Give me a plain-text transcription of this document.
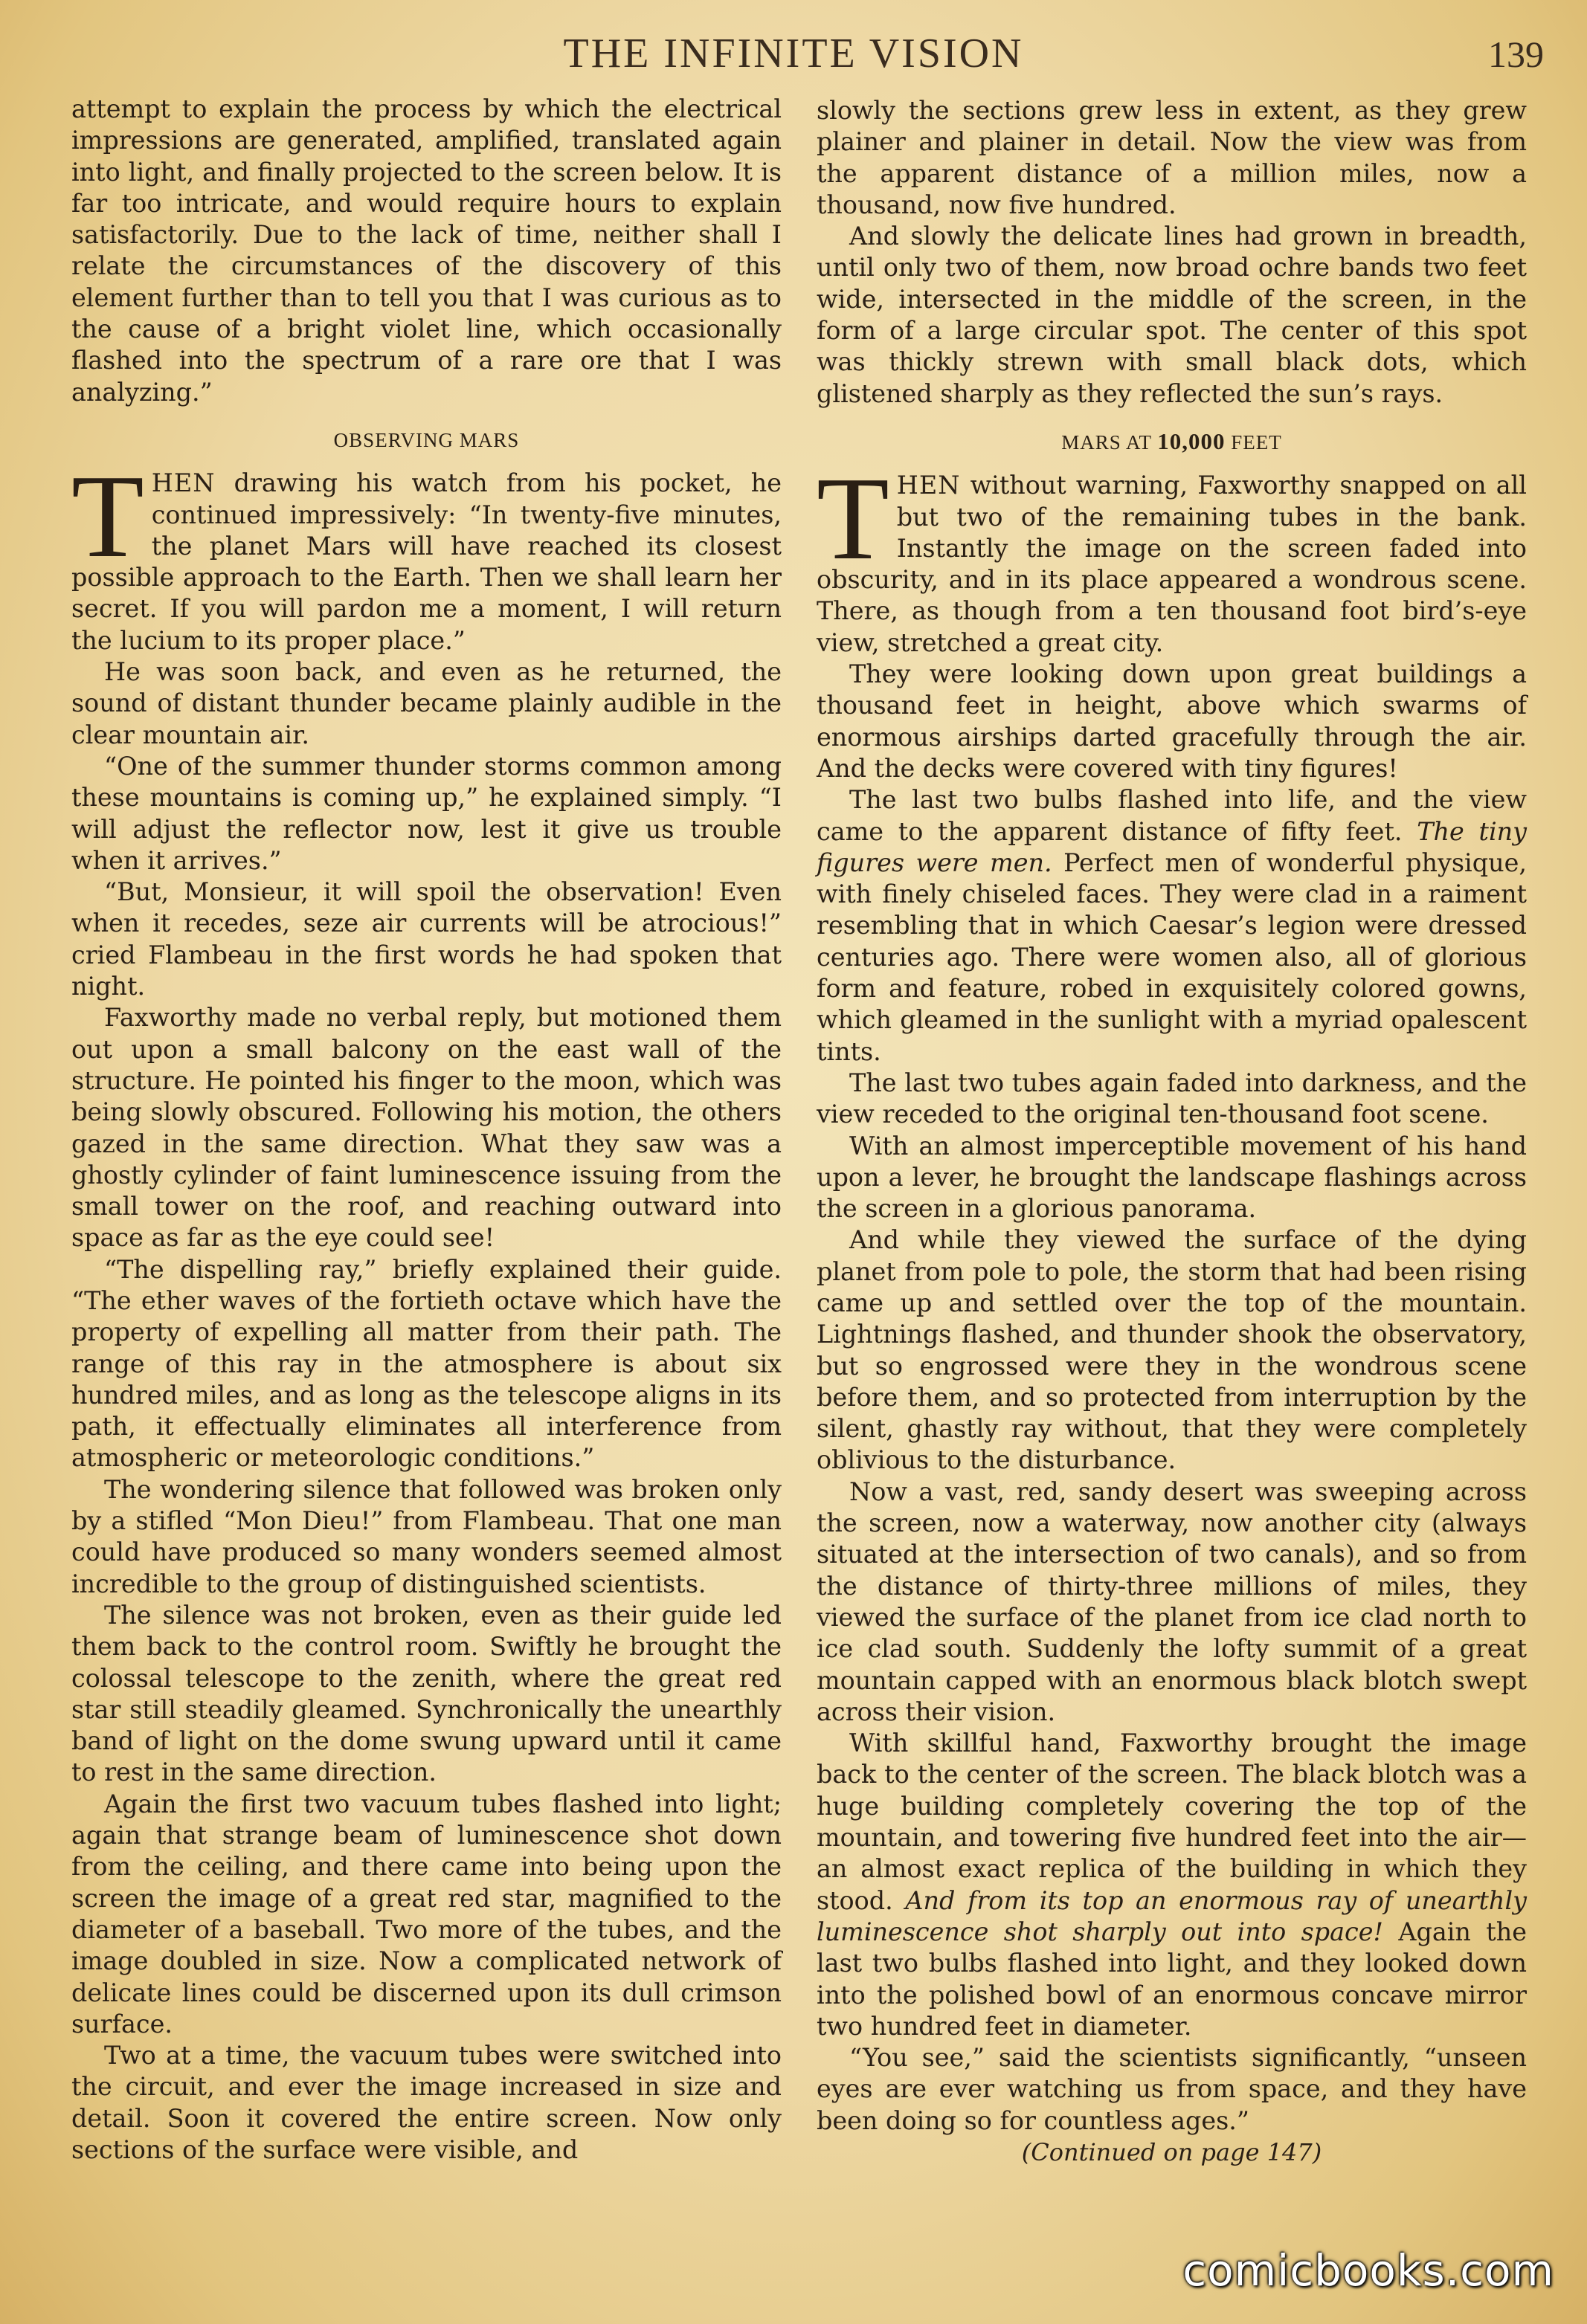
THE INFINITE VISION	139

attempt to explain the process by which the electrical impressions are generated, amplified, translated again into light, and finally projected to the screen below. It is far too intricate, and would require hours to explain satisfactorily. Due to the lack of time, neither shall I relate the circumstances of the discovery of this element further than to tell you that I was curious as to the cause of a bright violet line, which occasionally flashed into the spectrum of a rare ore that I was analyzing.”

OBSERVING MARS

THEN drawing his watch from his pocket, he continued impressively: “In twenty-five minutes, the planet Mars will have reached its closest possible approach to the Earth. Then we shall learn her secret. If you will pardon me a moment, I will return the lucium to its proper place.”

He was soon back, and even as he returned, the sound of distant thunder became plainly audible in the clear mountain air.

“One of the summer thunder storms common among these mountains is coming up,” he explained simply. “I will adjust the reflector now, lest it give us trouble when it arrives.”

“But, Monsieur, it will spoil the observation! Even when it recedes, seze air currents will be atrocious!” cried Flambeau in the first words he had spoken that night.

Faxworthy made no verbal reply, but motioned them out upon a small balcony on the east wall of the structure. He pointed his finger to the moon, which was being slowly obscured. Following his motion, the others gazed in the same direction. What they saw was a ghostly cylinder of faint luminescence issuing from the small tower on the roof, and reaching outward into space as far as the eye could see!

“The dispelling ray,” briefly explained their guide. “The ether waves of the fortieth octave which have the property of expelling all matter from their path. The range of this ray in the atmosphere is about six hundred miles, and as long as the telescope aligns in its path, it effectually eliminates all interference from atmospheric or meteorologic conditions.”

The wondering silence that followed was broken only by a stifled “Mon Dieu!” from Flambeau. That one man could have produced so many wonders seemed almost incredible to the group of distinguished scientists.

The silence was not broken, even as their guide led them back to the control room. Swiftly he brought the colossal telescope to the zenith, where the great red star still steadily gleamed. Synchronically the unearthly band of light on the dome swung upward until it came to rest in the same direction.

Again the first two vacuum tubes flashed into light; again that strange beam of luminescence shot down from the ceiling, and there came into being upon the screen the image of a great red star, magnified to the diameter of a baseball. Two more of the tubes, and the image doubled in size. Now a complicated network of delicate lines could be discerned upon its dull crimson surface.

Two at a time, the vacuum tubes were switched into the circuit, and ever the image increased in size and detail. Soon it covered the entire screen. Now only sections of the surface were visible, and

slowly the sections grew less in extent, as they grew plainer and plainer in detail. Now the view was from the apparent distance of a million miles, now a thousand, now five hundred.

And slowly the delicate lines had grown in breadth, until only two of them, now broad ochre bands two feet wide, intersected in the middle of the screen, in the form of a large circular spot. The center of this spot was thickly strewn with small black dots, which glistened sharply as they reflected the sun’s rays.

MARS AT 10,000 FEET

THEN without warning, Faxworthy snapped on all but two of the remaining tubes in the bank. Instantly the image on the screen faded into obscurity, and in its place appeared a wondrous scene. There, as though from a ten thousand foot bird’s-eye view, stretched a great city.

They were looking down upon great buildings a thousand feet in height, above which swarms of enormous airships darted gracefully through the air. And the decks were covered with tiny figures!

The last two bulbs flashed into life, and the view came to the apparent distance of fifty feet. The tiny figures were men. Perfect men of wonderful physique, with finely chiseled faces. They were clad in a raiment resembling that in which Caesar’s legion were dressed centuries ago. There were women also, all of glorious form and feature, robed in exquisitely colored gowns, which gleamed in the sunlight with a myriad opalescent tints.

The last two tubes again faded into darkness, and the view receded to the original ten-thousand foot scene.

With an almost imperceptible movement of his hand upon a lever, he brought the landscape flashings across the screen in a glorious panorama.

And while they viewed the surface of the dying planet from pole to pole, the storm that had been rising came up and settled over the top of the mountain. Lightnings flashed, and thunder shook the observatory, but so engrossed were they in the wondrous scene before them, and so protected from interruption by the silent, ghastly ray without, that they were completely oblivious to the disturbance.

Now a vast, red, sandy desert was sweeping across the screen, now a waterway, now another city (always situated at the intersection of two canals), and so from the distance of thirty-three millions of miles, they viewed the surface of the planet from ice clad north to ice clad south. Suddenly the lofty summit of a great mountain capped with an enormous black blotch swept across their vision.

With skillful hand, Faxworthy brought the image back to the center of the screen. The black blotch was a huge building completely covering the top of the mountain, and towering five hundred feet into the air—an almost exact replica of the building in which they stood. And from its top an enormous ray of unearthly luminescence shot sharply out into space! Again the last two bulbs flashed into light, and they looked down into the polished bowl of an enormous concave mirror two hundred feet in diameter.

“You see,” said the scientists significantly, “unseen eyes are ever watching us from space, and they have been doing so for countless ages.”

(Continued on page 147)
comicbooks.com
